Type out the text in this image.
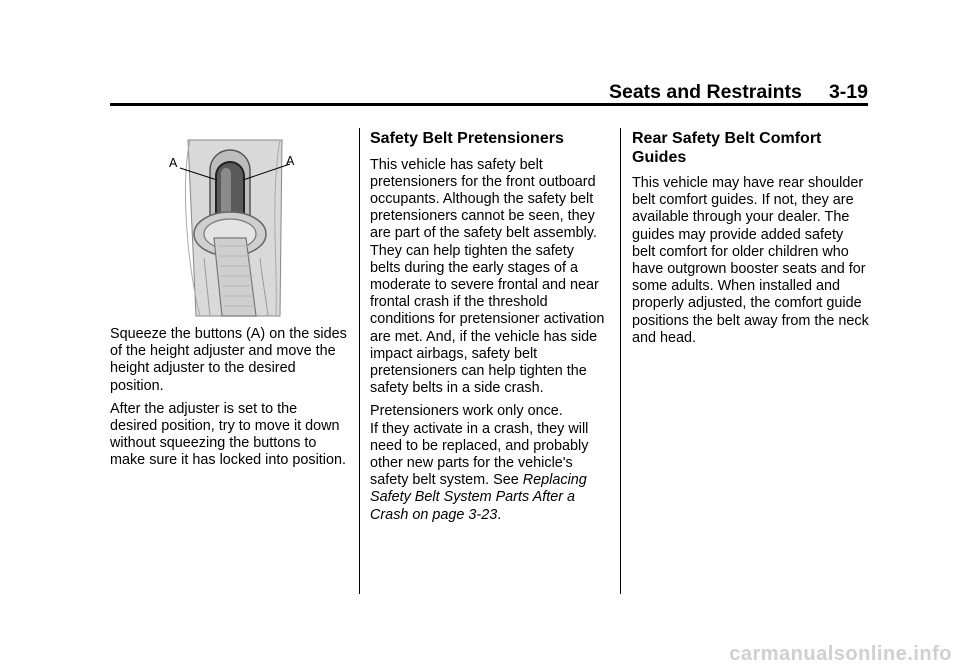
Seats and Restraints     3-19
A	A

Squeeze the buttons (A) on the sides of the height adjuster and move the height adjuster to the desired position.

After the adjuster is set to the desired position, try to move it down without squeezing the buttons to make sure it has locked into position.

Safety Belt Pretensioners

This vehicle has safety belt pretensioners for the front outboard occupants. Although the safety belt pretensioners cannot be seen, they are part of the safety belt assembly. They can help tighten the safety belts during the early stages of a moderate to severe frontal and near frontal crash if the threshold conditions for pretensioner activation are met. And, if the vehicle has side impact airbags, safety belt pretensioners can help tighten the safety belts in a side crash.

Pretensioners work only once.
If they activate in a crash, they will need to be replaced, and probably other new parts for the vehicle's safety belt system. See Replacing Safety Belt System Parts After a Crash on page 3-23.

Rear Safety Belt Comfort Guides

This vehicle may have rear shoulder belt comfort guides. If not, they are available through your dealer. The guides may provide added safety belt comfort for older children who have outgrown booster seats and for some adults. When installed and properly adjusted, the comfort guide positions the belt away from the neck and head.

carmanualsonline.info
